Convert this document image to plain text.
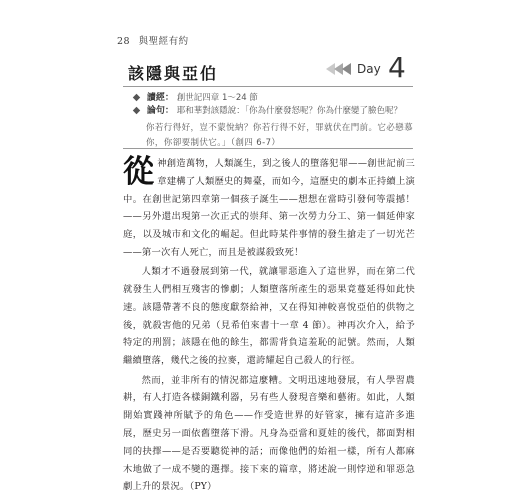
28 與聖經有約
該隱與亞伯	Day 4
讀經： 創世記四章 1～24 節
論句： 耶和華對該隱說：「你為什麼發怒呢？你為什麼變了臉色呢？
你若行得好，豈不蒙悅納？你若行得不好，罪就伏在門前。它必戀慕
你，你卻要制伏它。」（創四 6-7）

從神創造萬物，人類誕生，到之後人的墮落犯罪——創世記前三章建構了人類歷史的舞臺，而如今，這歷史的劇本正持續上演中。在創世記第四章第一個孩子誕生——想想在當時引發何等震撼！——另外還出現第一次正式的崇拜、第一次勞力分工、第一個延伸家庭，以及城市和文化的崛起。但此時某件事情的發生搶走了一切光芒——第一次有人死亡，而且是被謀殺致死！

人類才不過發展到第一代，就讓罪惡進入了這世界，而在第二代就發生人們相互殘害的慘劇；人類墮落所產生的惡果竟蔓延得如此快速。該隱帶著不良的態度獻祭給神，又在得知神較喜悅亞伯的供物之後，就殺害他的兄弟（見希伯來書十一章 4 節）。神再次介入，給予特定的刑罰；該隱在他的餘生，都需背負這羞恥的記號。然而，人類繼續墮落，幾代之後的拉麥，還誇耀起自己殺人的行徑。

然而，並非所有的情況都這麼糟。文明迅速地發展，有人學習農耕，有人打造各樣銅鐵利器，另有些人發現音樂和藝術。如此，人類開始實踐神所賦予的角色——作受造世界的好管家，擁有這許多進展，歷史另一面依舊墮落下滑。凡身為亞當和夏娃的後代，都面對相同的抉擇——是否要聽從神的話；而像他們的始祖一樣，所有人都麻木地做了一成不變的選擇。接下來的篇章，將述說一則悖逆和罪惡急劇上升的景況。（PY）
